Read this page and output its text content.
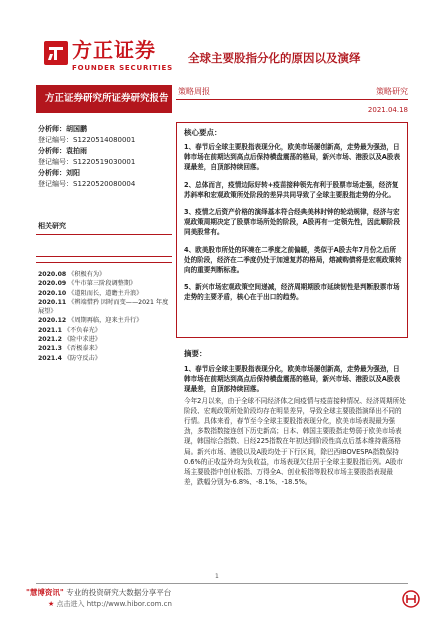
方正证券
FOUNDER SECURITIES
全球主要股指分化的原因以及演绎
方正证券研究所证券研究报告
策略周报	策略研究
2021.04.18
分析师：胡国鹏
登记编号：S1220514080001
分析师：袁拍雨
登记编号：S1220519030001
分析师：刘阳
登记编号：S1220520080004
相关研究
2020.08 《积极有为》
2020.09 《牛市第三阶段调整期》
2020.10 《道阻而长，道瞻主升浪》
2020.11 《辨端惜矜 因时而变——2021 年度展望》
2020.12 《周期再临，迎来主升行》
2021.1 《不负春光》
2021.2 《险中求进》
2021.3 《否极泰来》
2021.4 《防守反击》
核心要点：
1、春节后全球主要股指表现分化，欧美市场屡创新高，走势最为强劲，日韩市场在前期达到高点后保持横盘震荡的格局，新兴市场、港股以及A股表现最差，自顶部持续回落。
2、总体而言，疫情边际好转+疫苗接种领先有利于股票市场走强，经济复苏斜率和宏观政策所处阶段的差异共同导致了全球主要股指走势的分化。
3、疫情之后资产价格的演绎基本符合经典美林时钟的轮动规律，经济与宏观政策周期决定了股票市场所处的阶段，A股再有一定领先性，因此顺阶段同美股常有。
4、欧美股市所处的环境在二季度之前偏暖，类似于A股去年7月份之后所处的阶段，经济在二季度仍处于加速复苏的格局，熔减购债将是宏观政策转向的重要判断标准。
5、新兴市场宏观政策空间递减，经济周期期股市延续韧性是判断股票市场走势的主要矛盾，核心在于出口的趋势。
摘要：
1、春节后全球主要股指表现分化，欧美市场屡创新高，走势最为强劲，日韩市场在前期达到高点后保持横盘震荡的格局，新兴市场、港股以及A股表现最差，自顶部持续回落。
今年2月以来，由于全球不同经济体之间疫情与疫苗接种情况、经济周期所处阶段、宏观政策所处阶段均存在明显差异，导致全球主要股指演绎出不同的行情。具体来看，春节至今全球主要股指表现分化，欧美市场表现最为强劲，多数指数接连创下历史新高；日本、韩国主要股指走势弱于欧美市场表现，韩国综合指数、日经225指数在年初达到阶段性高点后基本维持震荡格局。新兴市场、港股以及A股均处于下行区间，除巴西IBOVESPA指数保持0.6%的正收益外均为负收益，市场表现欠佳居于全球主要股指后列。A股市场主要股指中创业板指、万得全A、创业板指等股权市场主要股指表现最差，跌幅分别为-6.8%、-8.1%、-18.5%。
1
"慧博资讯" 专业的投资研究大数据分享平台
★ 点击进入 http://www.hibor.com.cn
